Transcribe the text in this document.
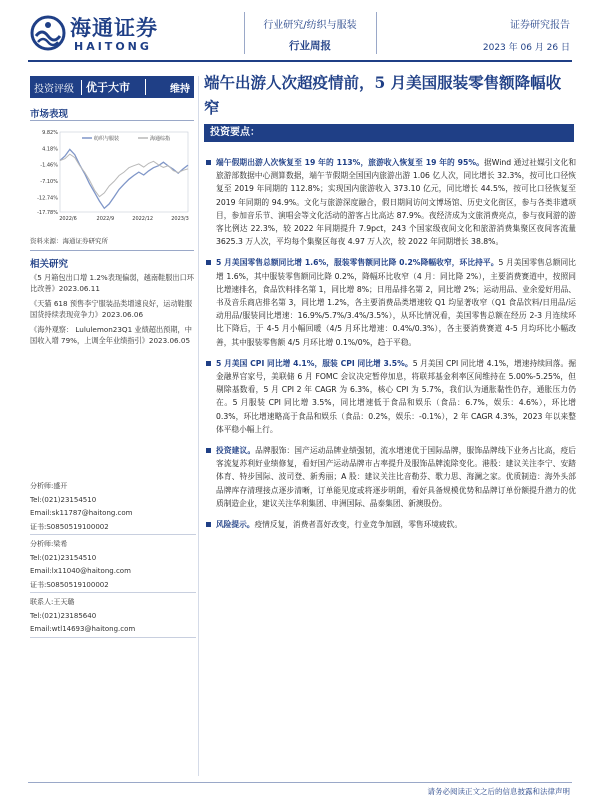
海通证券
HAITONG
行业研究/纺织与服装
行业周报
证券研究报告
2023 年 06 月 26 日
投资评级	优于大市	维持
市场表现
9.82%
4.18%
-1.46%
-7.10%
-12.74%
-17.78%
2022/6	2022/9	2022/12	2023/3
纺织与服装	海通综指
资料来源：海通证券研究所
相关研究

《5 月箱包出口增 1.2%表现偏弱，越南鞋服出口环比改善》2023.06.11

《天猫 618 预售李宁服装品类增速良好，运动鞋服国货持续表现竞争力》2023.06.06

《海外观察： Lululemon23Q1 业绩超出预期，中国收入增 79%，上调全年业绩指引》2023.06.05

分析师:盛开
Tel:(021)23154510
Email:sk11787@haitong.com
证书:S0850519100002
分析师:梁希
Tel:(021)23154510
Email:lx11040@haitong.com
证书:S0850519100002
联系人:王天璐
Tel:(021)23185640
Email:wtl14693@haitong.com
端午出游人次超疫情前，5 月美国服装零售额降幅收窄
投资要点：
端午假期出游人次恢复至 19 年的 113%，旅游收入恢复至 19 年的 95%。据Wind 通过社媒引文化和旅游部数据中心测算数据，端午节假期全国国内旅游出游 1.06 亿人次，同比增长 32.3%，按可比口径恢复至 2019 年同期的 112.8%；实现国内旅游收入 373.10 亿元，同比增长 44.5%，按可比口径恢复至 2019 年同期的 94.9%。文化与旅游深度融合，假日期间访问文博场馆、历史文化街区，参与各类非遗项目，参加音乐节、演唱会等文化活动的游客占比高达 87.9%。夜经济成为文旅消费亮点，参与夜间游的游客比例达 22.3%，较 2022 年同期提升 7.9pct，243 个国家级夜间文化和旅游消费集聚区夜间客流量 3625.3 万人次，平均每个集聚区每夜 4.97 万人次，较 2022 年同期增长 38.8%。
5 月美国零售总额同比增 1.6%，服装零售额同比降 0.2%降幅收窄，环比持平。5 月美国零售总额同比增 1.6%，其中服装零售额同比降 0.2%，降幅环比收窄（4 月：同比降 2%），主要消费赛道中，按照同比增速排名，食品饮料排名第 1，同比增 8%；日用品排名第 2，同比增 2%；运动用品、业余爱好用品、书及音乐商店排名第 3，同比增 1.2%，各主要消费品类增速较 Q1 均显著收窄（Q1 食品饮料/日用品/运动用品/服装同比增速：16.9%/5.7%/3.4%/3.5%），从环比情况看，美国零售总额在经历 2-3 月连续环比下降后，于 4-5 月小幅回暖（4/5 月环比增速：0.4%/0.3%），各主要消费赛道 4-5 月均环比小幅改善，其中服装零售额 4/5 月环比增 0.1%/0%，趋于平稳。
5 月美国 CPI 同比增 4.1%，服装 CPI 同比增 3.5%。5 月美国 CPI 同比增 4.1%，增速持续回落。掘金融界官家号，美联储 6 月 FOMC 会议决定暂停加息，将联邦基金利率区间维持在 5.00%-5.25%，但剔除基数看，5 月 CPI 2 年 CAGR 为 6.3%，核心 CPI 为 5.7%，我们认为通胀黏性仍存，通胀压力仍在。5 月服装 CPI 同比增 3.5%，同比增速低于食品和娱乐（食品：6.7%，娱乐：4.6%），环比增 0.3%，环比增速略高于食品和娱乐（食品：0.2%，娱乐：-0.1%），2 年 CAGR 4.3%，2023 年以来整体平稳小幅上行。
投资建议。品牌服饰：国产运动品牌业绩强韧，流水增速优于国际品牌，服饰品牌线下业务占比高，疫后客流复苏利好业绩修复，看好国产运动品牌市占率提升及服饰品牌流除变化。港股：建议关注李宁、安踏体育、特步国际、波司登、新秀丽；A 股：建议关注比音勒芬、歌力思、海澜之家。优质制造：海外头部品牌库存清理接点逐步清晰，订单能见度或将逐步明朗，看好具备规模优势和品牌订单份额提升潜力的优质制造企业，建议关注华利集团、申洲国际、晶泰集团、新澳股份。
风险提示。疫情反复，消费者喜好改变，行业竞争加剧，零售环境疲软。
请务必阅读正文之后的信息披露和法律声明
